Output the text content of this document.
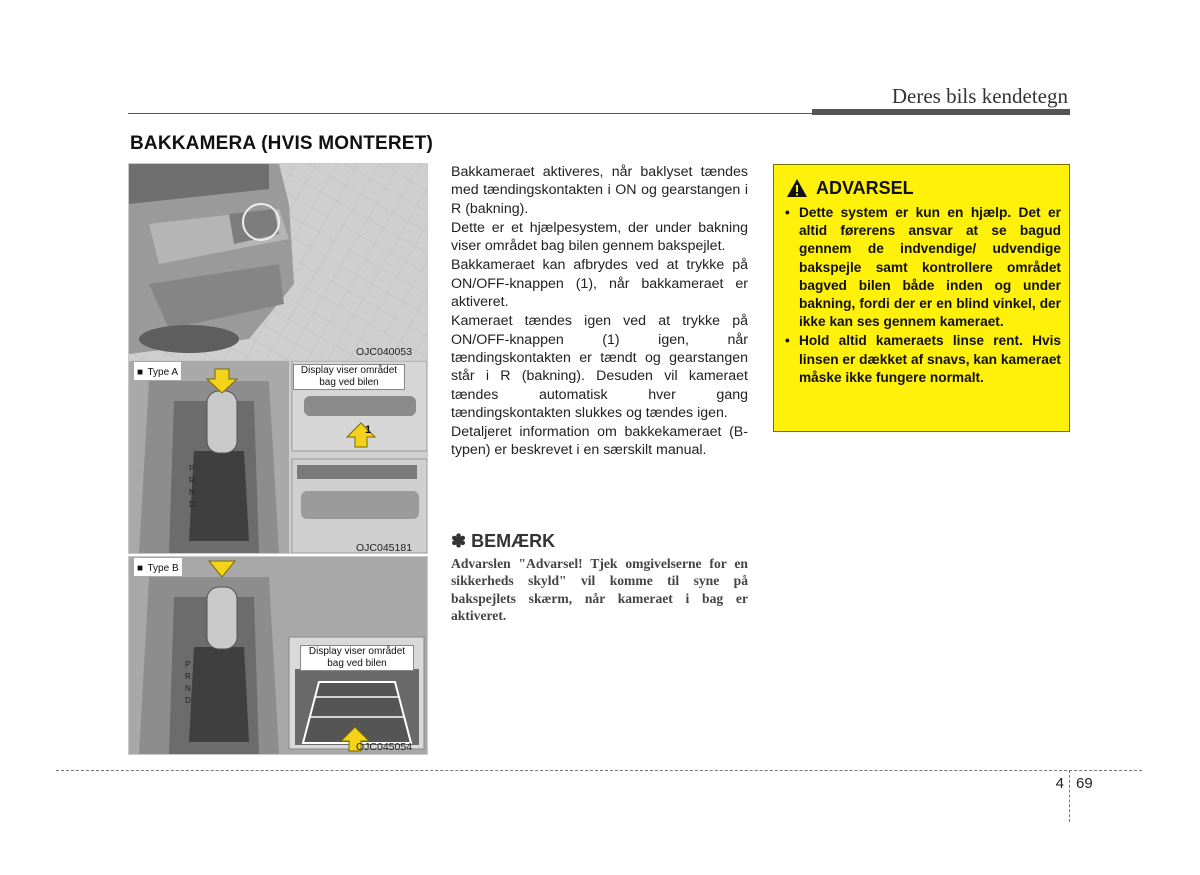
Deres bils kendetegn
BAKKAMERA (HVIS MONTERET)
OJC040053
P
R
N
D
■ Type A	Display viser området bag ved bilen
1
OJC045181
P
R
N
D
■ Type B
Display viser området bag ved bilen
OJC045054

Bakkameraet aktiveres, når baklyset tændes med tændingskontakten i ON og gearstangen i R (bakning).

Dette er et hjælpesystem, der under bakning viser området bag bilen gennem bakspejlet.

Bakkameraet kan afbrydes ved at trykke på ON/OFF-knappen (1), når bakkameraet er aktiveret.

Kameraet tændes igen ved at trykke på ON/OFF-knappen (1) igen, når tændingskontakten er tændt og gearstangen står i R (bakning). Desuden vil kameraet tændes automatisk hver gang tændingskontakten slukkes og tændes igen.

Detaljeret information om bakkekameraet (B-typen) er beskrevet i en særskilt manual.

✽ BEMÆRK
Advarslen "Advarsel! Tjek omgivelserne for en sikkerheds skyld" vil komme til syne på bakspejlets skærm, når kameraet i bag er aktiveret.
ADVARSEL
• Dette system er kun en hjælp. Det er altid førerens ansvar at se bagud gennem de indvendige/ udvendige bakspejle samt kontrollere området bagved bilen både inden og under bakning, fordi der er en blind vinkel, der ikke kan ses gennem kameraet.
• Hold altid kameraets linse rent. Hvis linsen er dækket af snavs, kan kameraet måske ikke fungere normalt.
4 69
